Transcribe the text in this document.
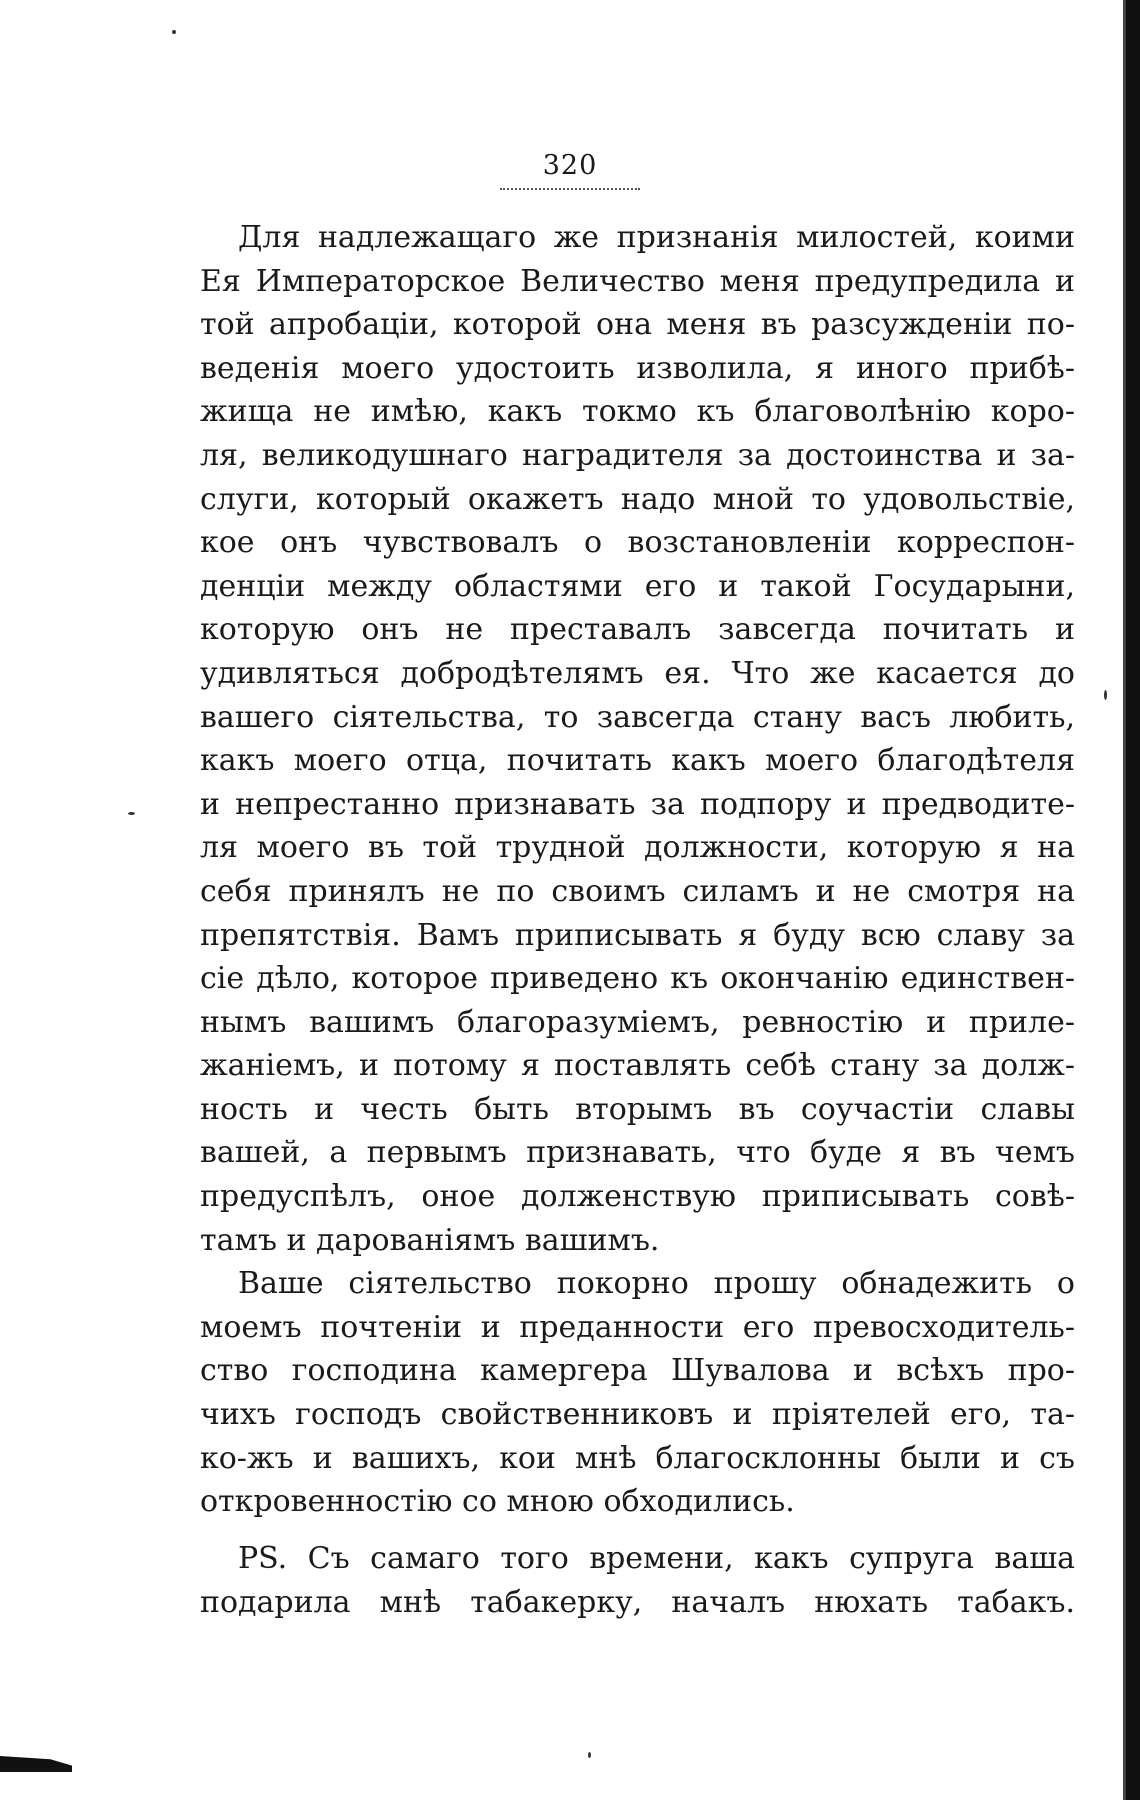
320
Для надлежащаго же признанія милостей, коими
Ея Императорское Величество меня предупредила и
той апробаціи, которой она меня въ разсужденіи по-
веденія моего удостоить изволила, я иного прибѣ-
жища не имѣю, какъ токмо къ благоволѣнію коро-
ля, великодушнаго наградителя за достоинства и за-
слуги, который окажетъ надо мной то удовольствіе,
кое онъ чувствовалъ о возстановленіи корреспон-
денціи между областями его и такой Государыни,
которую онъ не преставалъ завсегда почитать и
удивляться добродѣтелямъ ея. Что же касается до
вашего сіятельства, то завсегда стану васъ любить,
какъ моего отца, почитать какъ моего благодѣтеля
и непрестанно признавать за подпору и предводите-
ля моего въ той трудной должности, которую я на
себя принялъ не по своимъ силамъ и не смотря на
препятствія. Вамъ приписывать я буду всю славу за
сіе дѣло, которое приведено къ окончанію единствен-
нымъ вашимъ благоразуміемъ, ревностію и приле-
жаніемъ, и потому я поставлять себѣ стану за долж-
ность и честь быть вторымъ въ соучастіи славы
вашей, а первымъ признавать, что буде я въ чемъ
предуспѣлъ, оное долженствую приписывать совѣ-
тамъ и дарованіямъ вашимъ.
Ваше сіятельство покорно прошу обнадежить о
моемъ почтеніи и преданности его превосходитель-
ство господина камергера Шувалова и всѣхъ про-
чихъ господъ свойственниковъ и пріятелей его, та-
ко-жъ и вашихъ, кои мнѣ благосклонны были и съ
откровенностію со мною обходились.
PS. Съ самаго того времени, какъ супруга ваша
подарила мнѣ табакерку, началъ нюхать табакъ.
